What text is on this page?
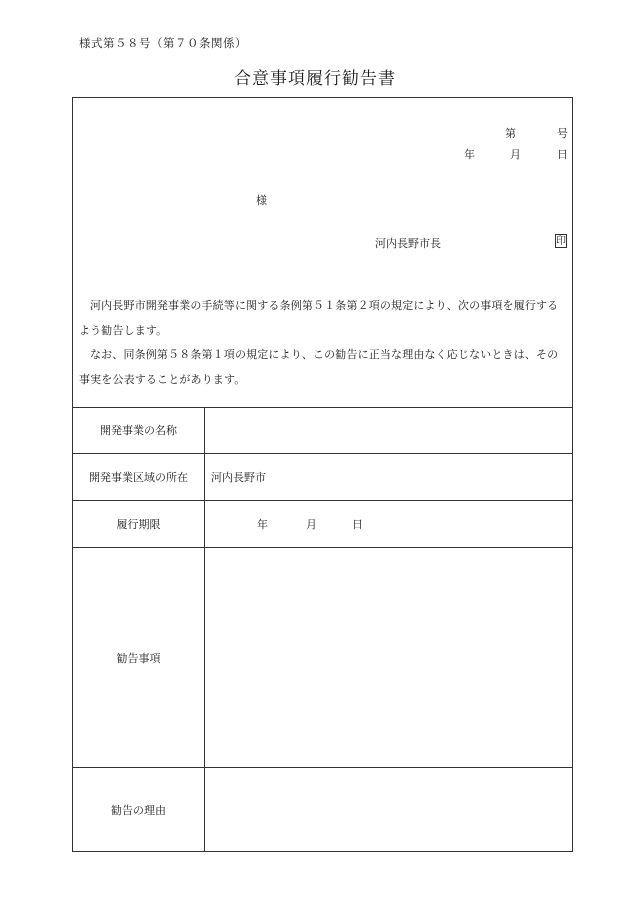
様式第５８号（第７０条関係）
合意事項履行勧告書
第	号
年	月	日
様
河内長野市長	印

河内長野市開発事業の手続等に関する条例第５１条第２項の規定により、次の事項を履行するよう勧告します。

なお、同条例第５８条第１項の規定により、この勧告に正当な理由なく応じないときは、その事実を公表することがあります。

開発事業の名称
開発事業区域の所在	河内長野市
履行期限	年	月	日
勧告事項
勧告の理由
